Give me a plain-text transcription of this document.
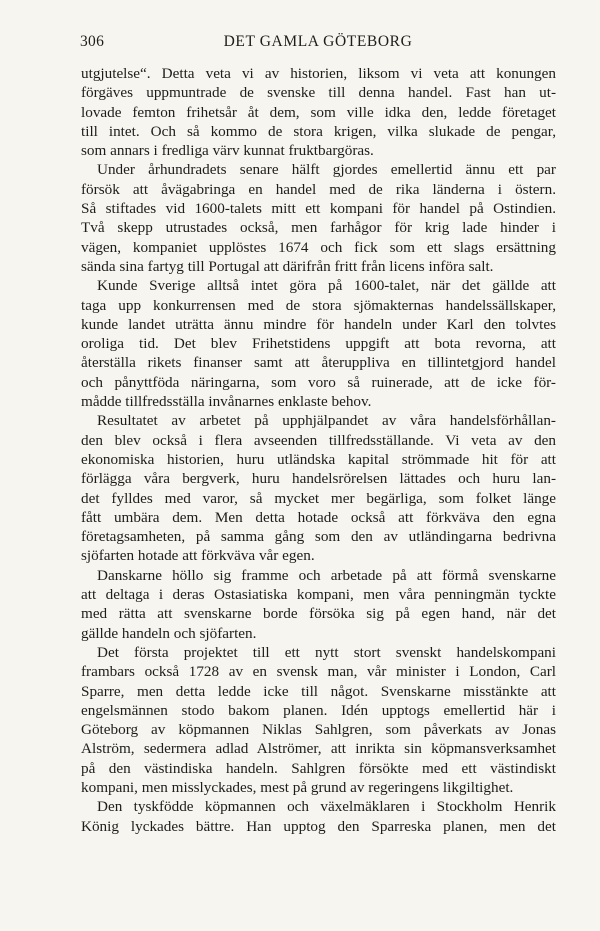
306	DET GAMLA GÖTEBORG
utgjutelse“. Detta veta vi av historien, liksom vi veta att konungen
förgäves uppmuntrade de svenske till denna handel. Fast han ut-
lovade femton frihetsår åt dem, som ville idka den, ledde företaget
till intet. Och så kommo de stora krigen, vilka slukade de pengar,
som annars i fredliga värv kunnat fruktbargöras.
Under århundradets senare hälft gjordes emellertid ännu ett par
försök att åvägabringa en handel med de rika länderna i östern.
Så stiftades vid 1600-talets mitt ett kompani för handel på Ostindien.
Två skepp utrustades också, men farhågor för krig lade hinder i
vägen, kompaniet upplöstes 1674 och fick som ett slags ersättning
sända sina fartyg till Portugal att därifrån fritt från licens införa salt.
Kunde Sverige alltså intet göra på 1600-talet, när det gällde att
taga upp konkurrensen med de stora sjömakternas handelssällskaper,
kunde landet uträtta ännu mindre för handeln under Karl den tolvtes
oroliga tid. Det blev Frihetstidens uppgift att bota revorna, att
återställa rikets finanser samt att återuppliva en tillintetgjord handel
och pånyttföda näringarna, som voro så ruinerade, att de icke för-
mådde tillfredsställa invånarnes enklaste behov.
Resultatet av arbetet på upphjälpandet av våra handelsförhållan-
den blev också i flera avseenden tillfredsställande. Vi veta av den
ekonomiska historien, huru utländska kapital strömmade hit för att
förlägga våra bergverk, huru handelsrörelsen lättades och huru lan-
det fylldes med varor, så mycket mer begärliga, som folket länge
fått umbära dem. Men detta hotade också att förkväva den egna
företagsamheten, på samma gång som den av utländingarna bedrivna
sjöfarten hotade att förkväva vår egen.
Danskarne höllo sig framme och arbetade på att förmå svenskarne
att deltaga i deras Ostasiatiska kompani, men våra penningmän tyckte
med rätta att svenskarne borde försöka sig på egen hand, när det
gällde handeln och sjöfarten.
Det första projektet till ett nytt stort svenskt handelskompani
frambars också 1728 av en svensk man, vår minister i London, Carl
Sparre, men detta ledde icke till något. Svenskarne misstänkte att
engelsmännen stodo bakom planen. Idén upptogs emellertid här i
Göteborg av köpmannen Niklas Sahlgren, som påverkats av Jonas
Alström, sedermera adlad Alströmer, att inrikta sin köpmansverksamhet
på den västindiska handeln. Sahlgren försökte med ett västindiskt
kompani, men misslyckades, mest på grund av regeringens likgiltighet.
Den tyskfödde köpmannen och växelmäklaren i Stockholm Henrik
König lyckades bättre. Han upptog den Sparreska planen, men det
